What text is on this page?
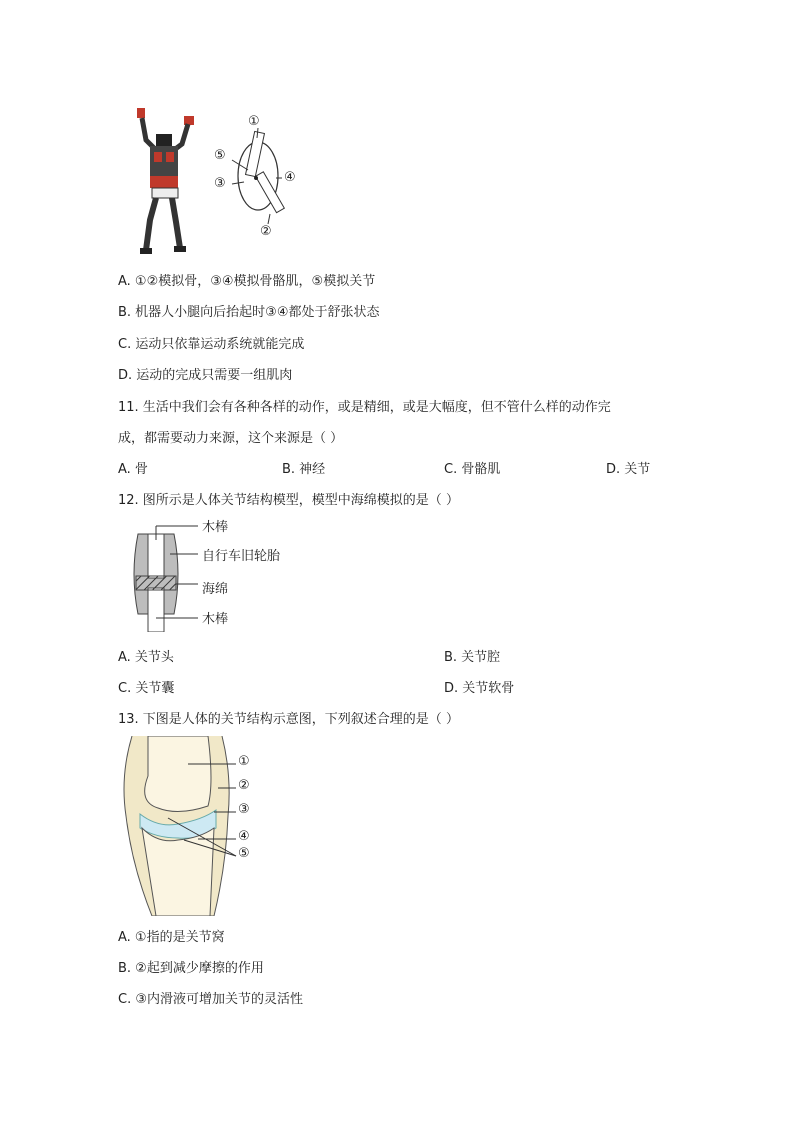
①
⑤
③	④
②
A. ①②模拟骨，③④模拟骨骼肌，⑤模拟关节
B. 机器人小腿向后抬起时③④都处于舒张状态
C. 运动只依靠运动系统就能完成
D. 运动的完成只需要一组肌肉
11. 生活中我们会有各种各样的动作，或是精细，或是大幅度，但不管什么样的动作完
成，都需要动力来源，这个来源是（ ）
A. 骨	B. 神经	C. 骨骼肌	D. 关节
12. 图所示是人体关节结构模型，模型中海绵模拟的是（ ）
木棒
自行车旧轮胎
海绵
木棒
A. 关节头	B. 关节腔
C. 关节囊	D. 关节软骨
13. 下图是人体的关节结构示意图，下列叙述合理的是（ ）
①
②
③
④
⑤
A. ①指的是关节窝
B. ②起到减少摩擦的作用
C. ③内滑液可增加关节的灵活性
